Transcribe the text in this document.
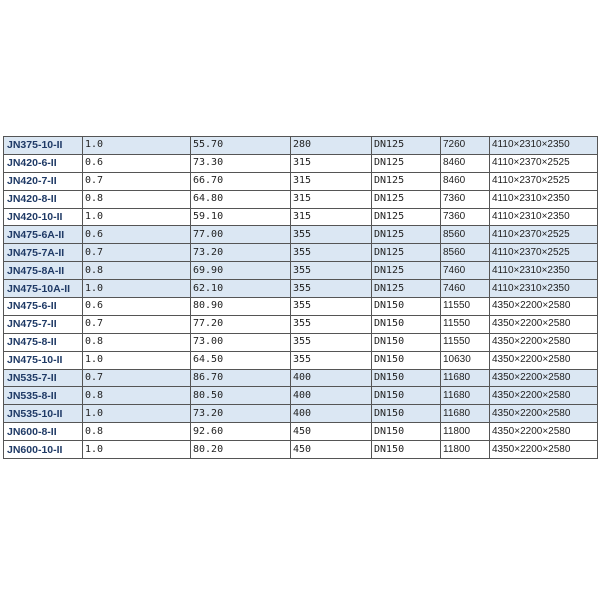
JN375-10-II	1.0	55.70	280	DN125	7260	4110×2310×2350
JN420-6-II	0.6	73.30	315	DN125	8460	4110×2370×2525
JN420-7-II	0.7	66.70	315	DN125	8460	4110×2370×2525
JN420-8-II	0.8	64.80	315	DN125	7360	4110×2310×2350
JN420-10-II	1.0	59.10	315	DN125	7360	4110×2310×2350
JN475-6A-II	0.6	77.00	355	DN125	8560	4110×2370×2525
JN475-7A-II	0.7	73.20	355	DN125	8560	4110×2370×2525
JN475-8A-II	0.8	69.90	355	DN125	7460	4110×2310×2350
JN475-10A-II	1.0	62.10	355	DN125	7460	4110×2310×2350
JN475-6-II	0.6	80.90	355	DN150	11550	4350×2200×2580
JN475-7-II	0.7	77.20	355	DN150	11550	4350×2200×2580
JN475-8-II	0.8	73.00	355	DN150	11550	4350×2200×2580
JN475-10-II	1.0	64.50	355	DN150	10630	4350×2200×2580
JN535-7-II	0.7	86.70	400	DN150	11680	4350×2200×2580
JN535-8-II	0.8	80.50	400	DN150	11680	4350×2200×2580
JN535-10-II	1.0	73.20	400	DN150	11680	4350×2200×2580
JN600-8-II	0.8	92.60	450	DN150	11800	4350×2200×2580
JN600-10-II	1.0	80.20	450	DN150	11800	4350×2200×2580
